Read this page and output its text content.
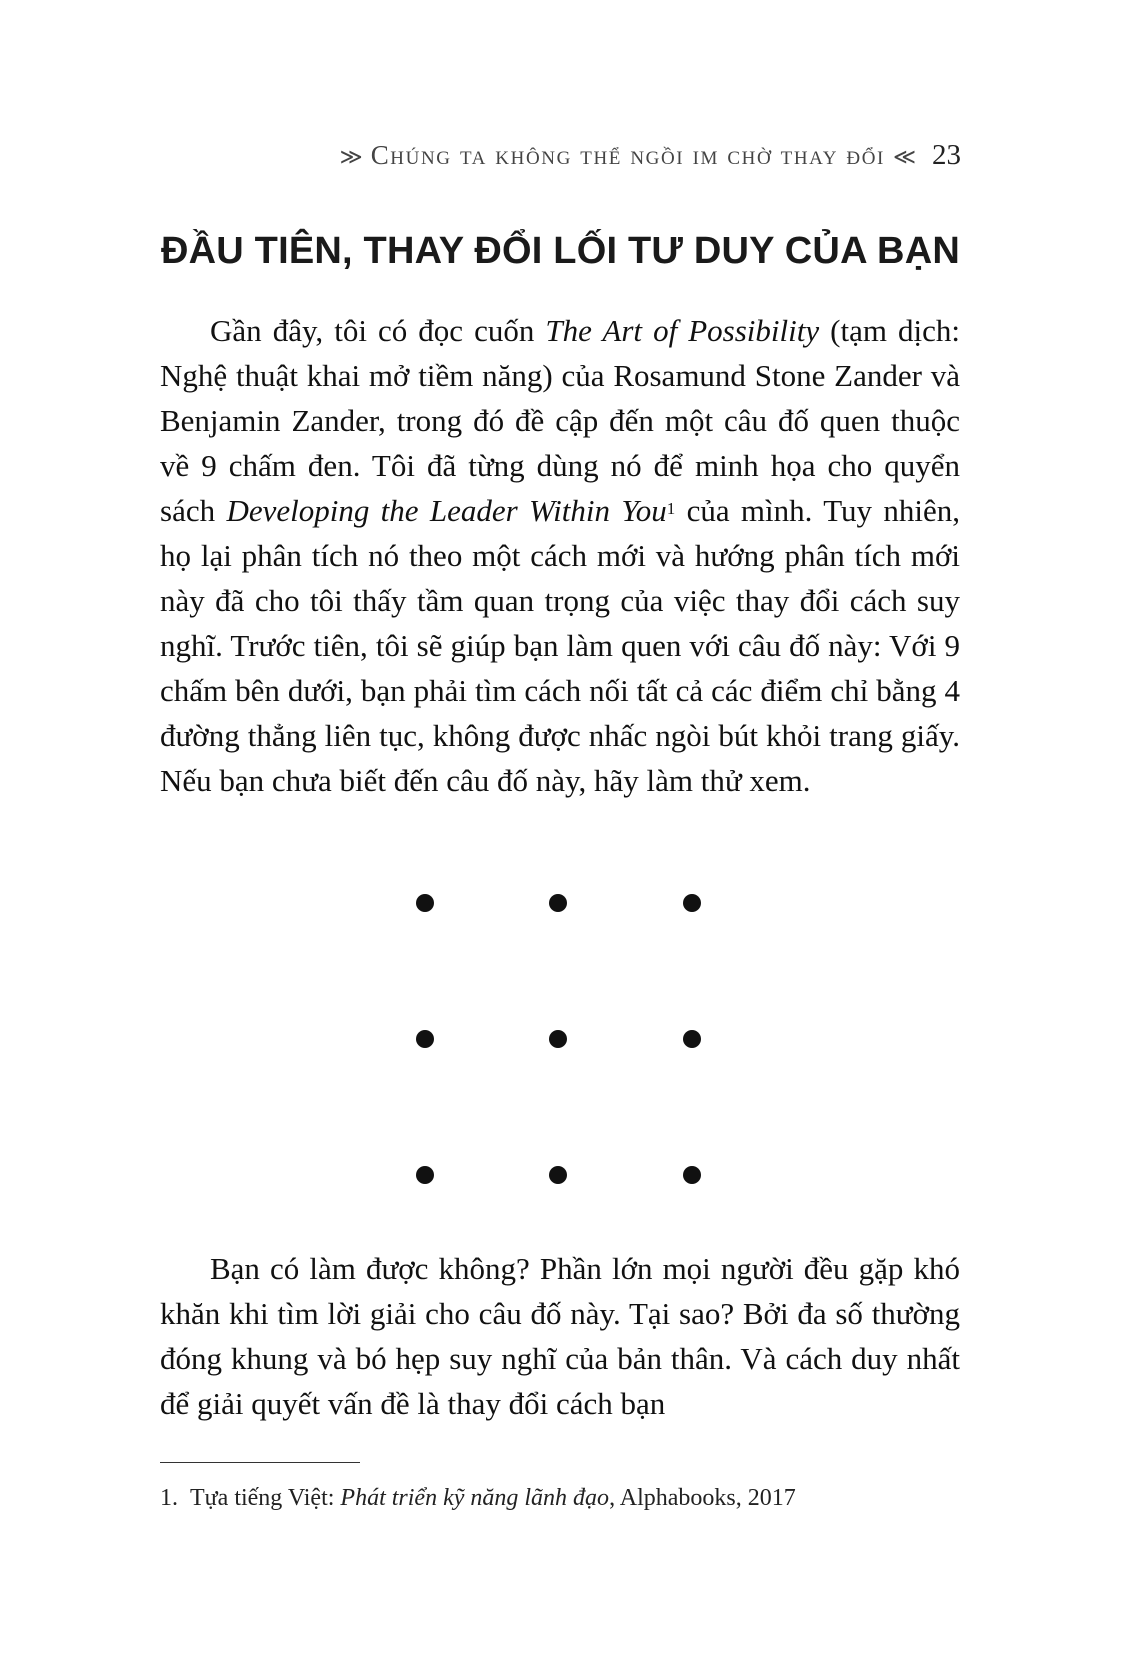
≫ Chúng ta không thể ngồi im chờ thay đổi ≪ 23
ĐẦU TIÊN, THAY ĐỔI LỐI TƯ DUY CỦA BẠN

Gần đây, tôi có đọc cuốn The Art of Possibility (tạm dịch: Nghệ thuật khai mở tiềm năng) của Rosamund Stone Zander và Benjamin Zander, trong đó đề cập đến một câu đố quen thuộc về 9 chấm đen. Tôi đã từng dùng nó để minh họa cho quyển sách Developing the Leader Within You$^1$ của mình. Tuy nhiên, họ lại phân tích nó theo một cách mới và hướng phân tích mới này đã cho tôi thấy tầm quan trọng của việc thay đổi cách suy nghĩ. Trước tiên, tôi sẽ giúp bạn làm quen với câu đố này: Với 9 chấm bên dưới, bạn phải tìm cách nối tất cả các điểm chỉ bằng 4 đường thẳng liên tục, không được nhấc ngòi bút khỏi trang giấy. Nếu bạn chưa biết đến câu đố này, hãy làm thử xem.

Bạn có làm được không? Phần lớn mọi người đều gặp khó khăn khi tìm lời giải cho câu đố này. Tại sao? Bởi đa số thường đóng khung và bó hẹp suy nghĩ của bản thân. Và cách duy nhất để giải quyết vấn đề là thay đổi cách bạn

1. Tựa tiếng Việt: Phát triển kỹ năng lãnh đạo, Alphabooks, 2017
